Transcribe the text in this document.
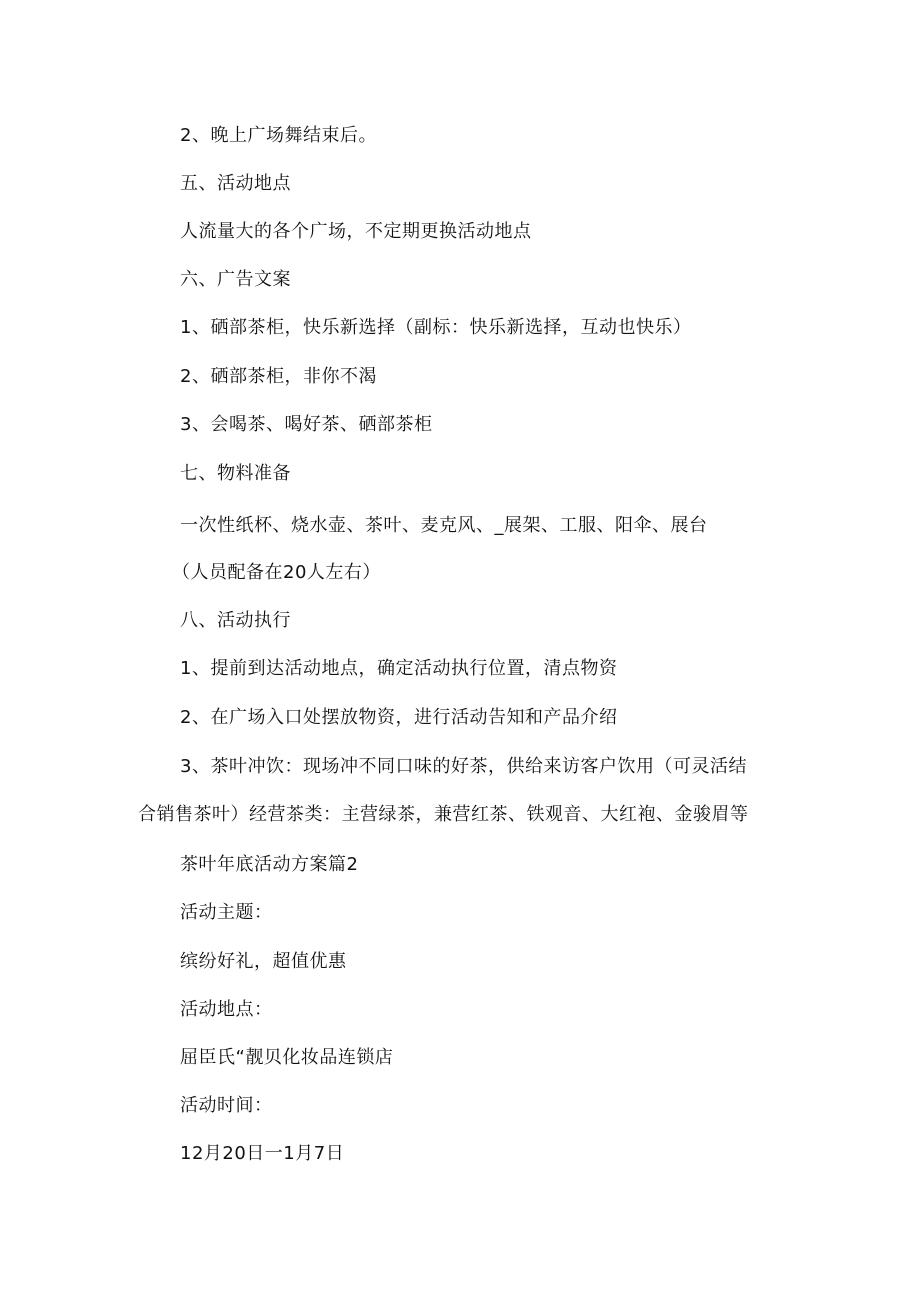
2、晚上广场舞结束后。
五、活动地点
人流量大的各个广场，不定期更换活动地点
六、广告文案
1、硒部茶柜，快乐新选择（副标：快乐新选择，互动也快乐）
2、硒部茶柜，非你不渴
3、会喝茶、喝好茶、硒部茶柜
七、物料准备
一次性纸杯、烧水壶、茶叶、麦克风、_展架、工服、阳伞、展台
（人员配备在20人左右）
八、活动执行
1、提前到达活动地点，确定活动执行位置，清点物资
2、在广场入口处摆放物资，进行活动告知和产品介绍
3、茶叶冲饮：现场冲不同口味的好茶，供给来访客户饮用（可灵活结
合销售茶叶）经营茶类：主营绿茶，兼营红茶、铁观音、大红袍、金骏眉等
茶叶年底活动方案篇2
活动主题：
缤纷好礼，超值优惠
活动地点：
屈臣氏“靓贝化妆品连锁店
活动时间：
12月20日一1月7日
